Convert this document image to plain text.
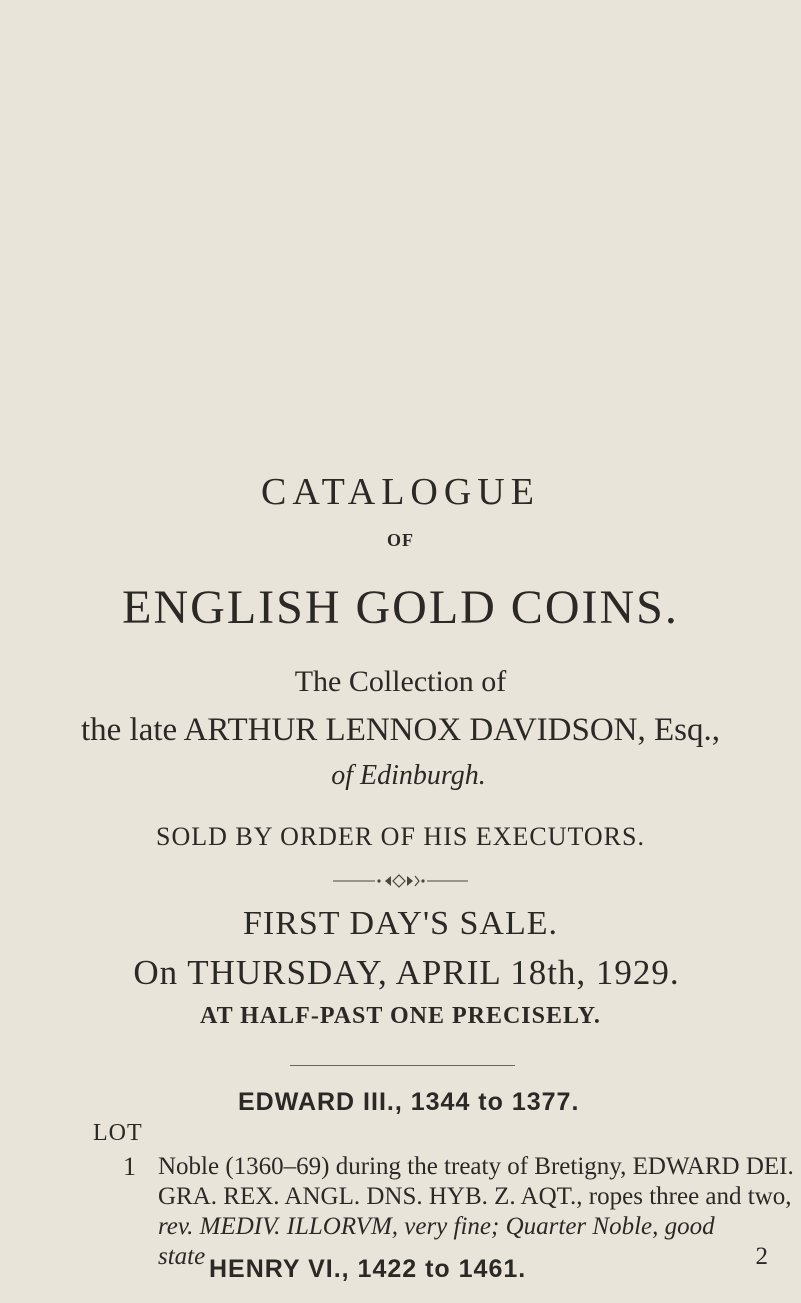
CATALOGUE
OF
ENGLISH GOLD COINS.
The Collection of
the late ARTHUR LENNOX DAVIDSON, Esq.,
of Edinburgh.
SOLD BY ORDER OF HIS EXECUTORS.
FIRST DAY'S SALE.
On THURSDAY, APRIL 18th, 1929.
AT HALF-PAST ONE PRECISELY.
EDWARD III., 1344 to 1377.
LOT
1 Noble (1360–69) during the treaty of Bretigny, EDWARD DEI.
GRA. REX. ANGL. DNS. HYB. Z. AQT., ropes three and two,
rev. MEDIV. ILLORVM, very fine; Quarter Noble, good
state	2
HENRY VI., 1422 to 1461.
